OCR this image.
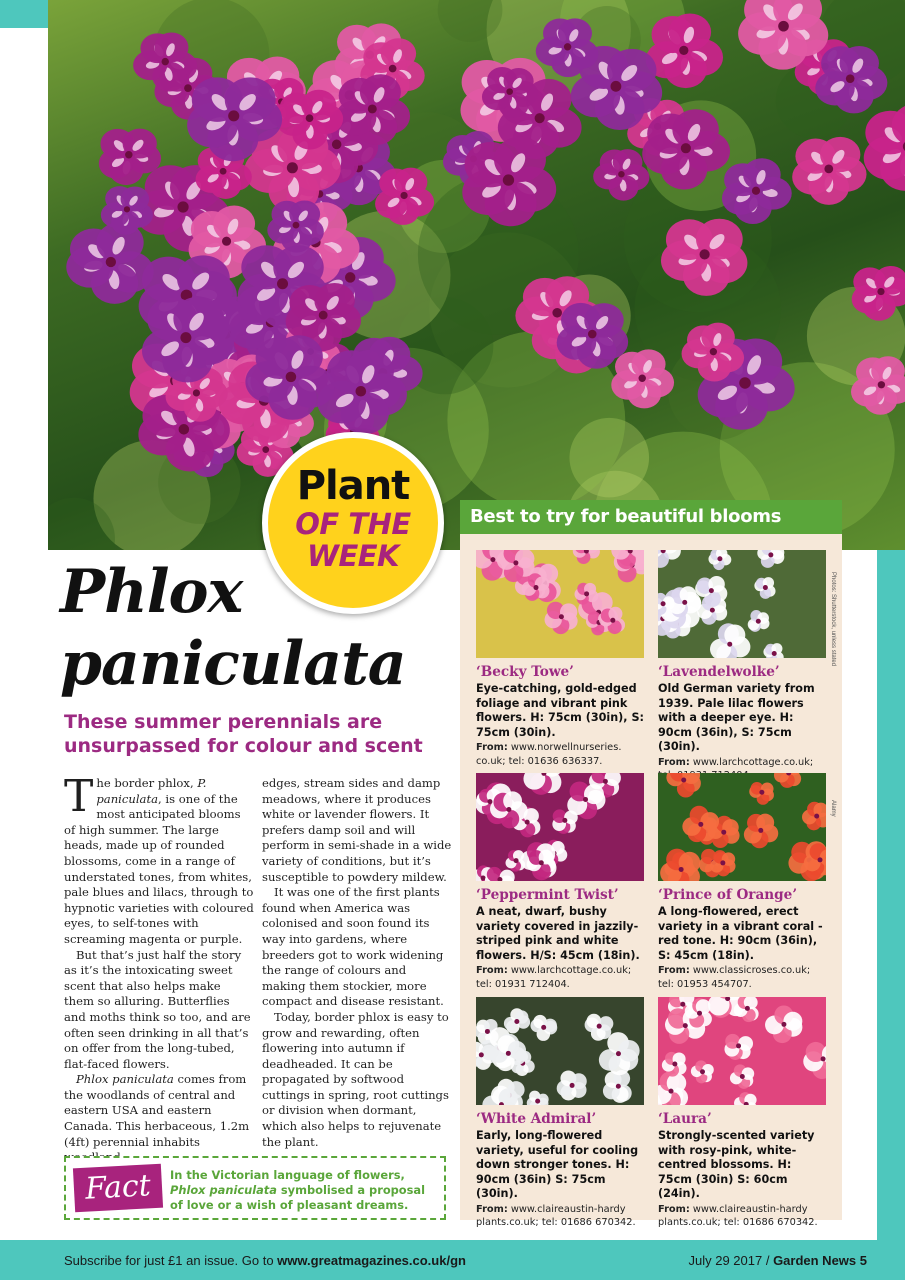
Plant
OF THE
WEEK
Phlox
paniculata
These summer perennials are unsurpassed for colour and scent

The border phlox, P. paniculata, is one of the most anticipated blooms of high summer. The large heads, made up of rounded blossoms, come in a range of understated tones, from whites, pale blues and lilacs, through to hypnotic varieties with coloured eyes, to self-tones with screaming magenta or purple.

But that’s just half the story as it’s the intoxicating sweet scent that also helps make them so alluring. Butterflies and moths think so too, and are often seen drinking in all that’s on offer from the long-tubed, flat-faced flowers.

Phlox paniculata comes from the woodlands of central and eastern USA and eastern Canada. This herbaceous, 1.2m (4ft) perennial inhabits

edges, stream sides and damp meadows, where it produces white or lavender flowers. It prefers damp soil and will perform in semi-shade in a wide variety of conditions, but it’s susceptible to powdery mildew.

It was one of the first plants found when America was colonised and soon found its way into gardens, where breeders got to work widening the range of colours and making them stockier, more compact and disease resistant.

Today, border phlox is easy to grow and rewarding, often flowering into autumn if deadheaded. It can be propagated by softwood cuttings in spring, root cuttings or division when dormant, which also helps to rejuvenate the plant.

Fact	In the Victorian language of flowers, Phlox paniculata symbolised a proposal of love or a wish of pleasant dreams.
Best to try for beautiful blooms
‘Becky Towe’
Eye-catching, gold-edged foliage and vibrant pink flowers. H: 75cm (30in), S: 75cm (30in).
From: www.norwellnurseries. co.uk; tel: 01636 636337.
‘Lavendelwolke’
Old German variety from 1939. Pale lilac flowers with a deeper eye. H: 90cm (36in), S: 75cm (30in).
From: www.larchcottage.co.uk;
‘Peppermint Twist’
A neat, dwarf, bushy variety covered in jazzily-striped pink and white flowers. H/S: 45cm (18in).
From: www.larchcottage.co.uk; tel: 01931 712404.
‘Prince of Orange’
A long-flowered, erect variety in a vibrant coral -red tone. H: 90cm (36in), S: 45cm (18in).
From: www.classicroses.co.uk; tel: 01953 454707.
‘White Admiral’
Early, long-flowered variety, useful for cooling down stronger tones. H: 90cm (36in) S: 75cm (30in).
From: www.claireaustin-hardy plants.co.uk; tel: 01686 670342.
‘Laura’
Strongly-scented variety with rosy-pink, white-centred blossoms. H: 75cm (30in) S: 60cm (24in).
From: www.claireaustin-hardy plants.co.uk; tel: 01686 670342.
Photos: Shutterstock, unless stated
Alamy
Subscribe for just £1 an issue. Go to www.greatmagazines.co.uk/gn	July 29 2017 / Garden News 5
